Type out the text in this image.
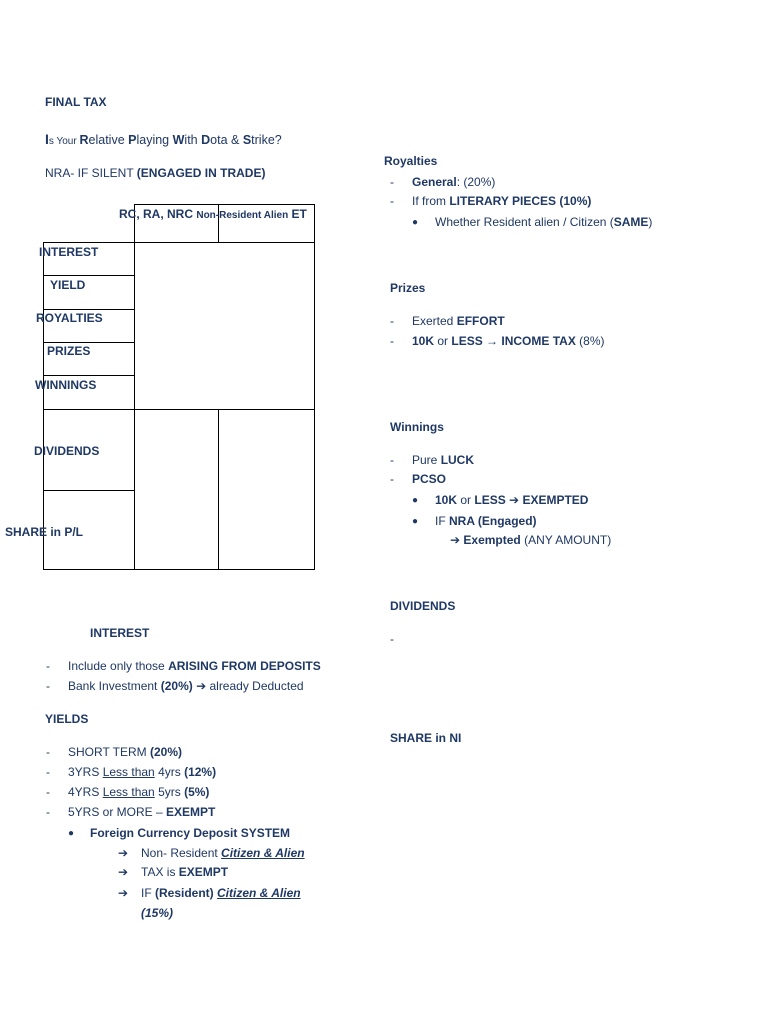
FINAL TAX
Is Your Relative Playing With Dota & Strike?
NRA- IF SILENT (ENGAGED IN TRADE)
RC, RA, NRC Non-Resident Alien ET
INTEREST
YIELD
ROYALTIES
PRIZES
WINNINGS
DIVIDENDS
SHARE in P/L
INTEREST
- Include only those ARISING FROM DEPOSITS
- Bank Investment (20%) ➔ already Deducted
YIELDS
- SHORT TERM (20%)
- 3YRS Less than 4yrs (12%)
- 4YRS Less than 5yrs (5%)
- 5YRS or MORE – EXEMPT
● Foreign Currency Deposit SYSTEM
➔ Non- Resident Citizen & Alien
➔ TAX is EXEMPT
➔ IF (Resident) Citizen & Alien
(15%)
Royalties
- General: (20%)
- If from LITERARY PIECES (10%)
● Whether Resident alien / Citizen (SAME)
Prizes
- Exerted EFFORT
- 10K or LESS → INCOME TAX (8%)
Winnings
- Pure LUCK
- PCSO
● 10K or LESS ➔ EXEMPTED
● IF NRA (Engaged)
➔ Exempted (ANY AMOUNT)
DIVIDENDS
-
SHARE in NI
